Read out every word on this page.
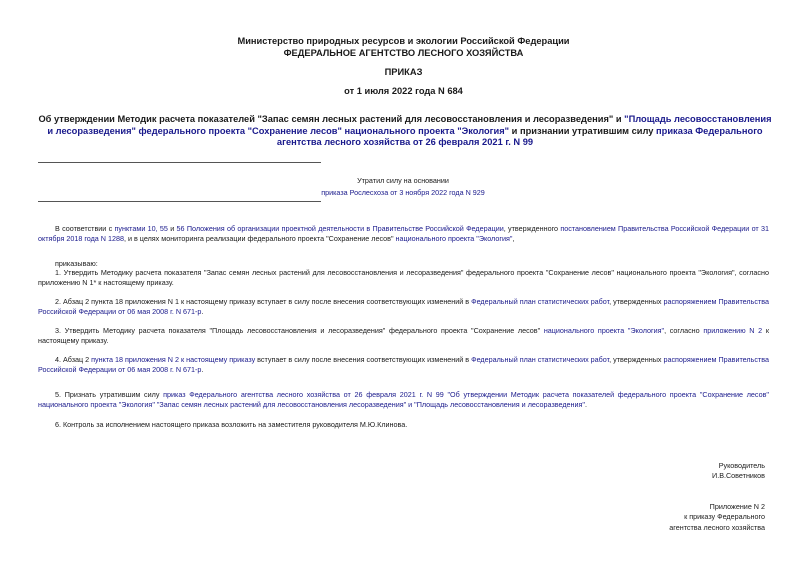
Министерство природных ресурсов и экологии Российской Федерации
ФЕДЕРАЛЬНОЕ АГЕНТСТВО ЛЕСНОГО ХОЗЯЙСТВА
ПРИКАЗ
от 1 июля 2022 года N 684
Об утверждении Методик расчета показателей "Запас семян лесных растений для лесовосстановления и лесоразведения" и "Площадь лесовосстановления и лесоразведения" федерального проекта "Сохранение лесов" национального проекта "Экология" и признании утратившим силу приказа Федерального агентства лесного хозяйства от 26 февраля 2021 г. N 99
Утратил силу на основании
приказа Рослесхоза от 3 ноября 2022 года N 929
В соответствии с пунктами 10, 55 и 56 Положения об организации проектной деятельности в Правительстве Российской Федерации, утвержденного постановлением Правительства Российской Федерации от 31 октября 2018 года N 1288, и в целях мониторинга реализации федерального проекта "Сохранение лесов" национального проекта "Экология",
приказываю:
1. Утвердить Методику расчета показателя "Запас семян лесных растений для лесовосстановления и лесоразведения" федерального проекта "Сохранение лесов" национального проекта "Экология", согласно приложению N 1* к настоящему приказу.
2. Абзац 2 пункта 18 приложения N 1 к настоящему приказу вступает в силу после внесения соответствующих изменений в Федеральный план статистических работ, утвержденных распоряжением Правительства Российской Федерации от 06 мая 2008 г. N 671-р.
3. Утвердить Методику расчета показателя "Площадь лесовосстановления и лесоразведения" федерального проекта "Сохранение лесов" национального проекта "Экология", согласно приложению N 2 к настоящему приказу.
4. Абзац 2 пункта 18 приложения N 2 к настоящему приказу вступает в силу после внесения соответствующих изменений в Федеральный план статистических работ, утвержденных распоряжением Правительства Российской Федерации от 06 мая 2008 г. N 671-р.
5. Признать утратившим силу приказ Федерального агентства лесного хозяйства от 26 февраля 2021 г. N 99 "Об утверждении Методик расчета показателей федерального проекта "Сохранение лесов" национального проекта "Экология" "Запас семян лесных растений для лесовосстановления лесоразведения" и "Площадь лесовосстановления и лесоразведения".
6. Контроль за исполнением настоящего приказа возложить на заместителя руководителя М.Ю.Клинова.
Руководитель
И.В.Советников
Приложение N 2
к приказу Федерального
агентства лесного хозяйства
